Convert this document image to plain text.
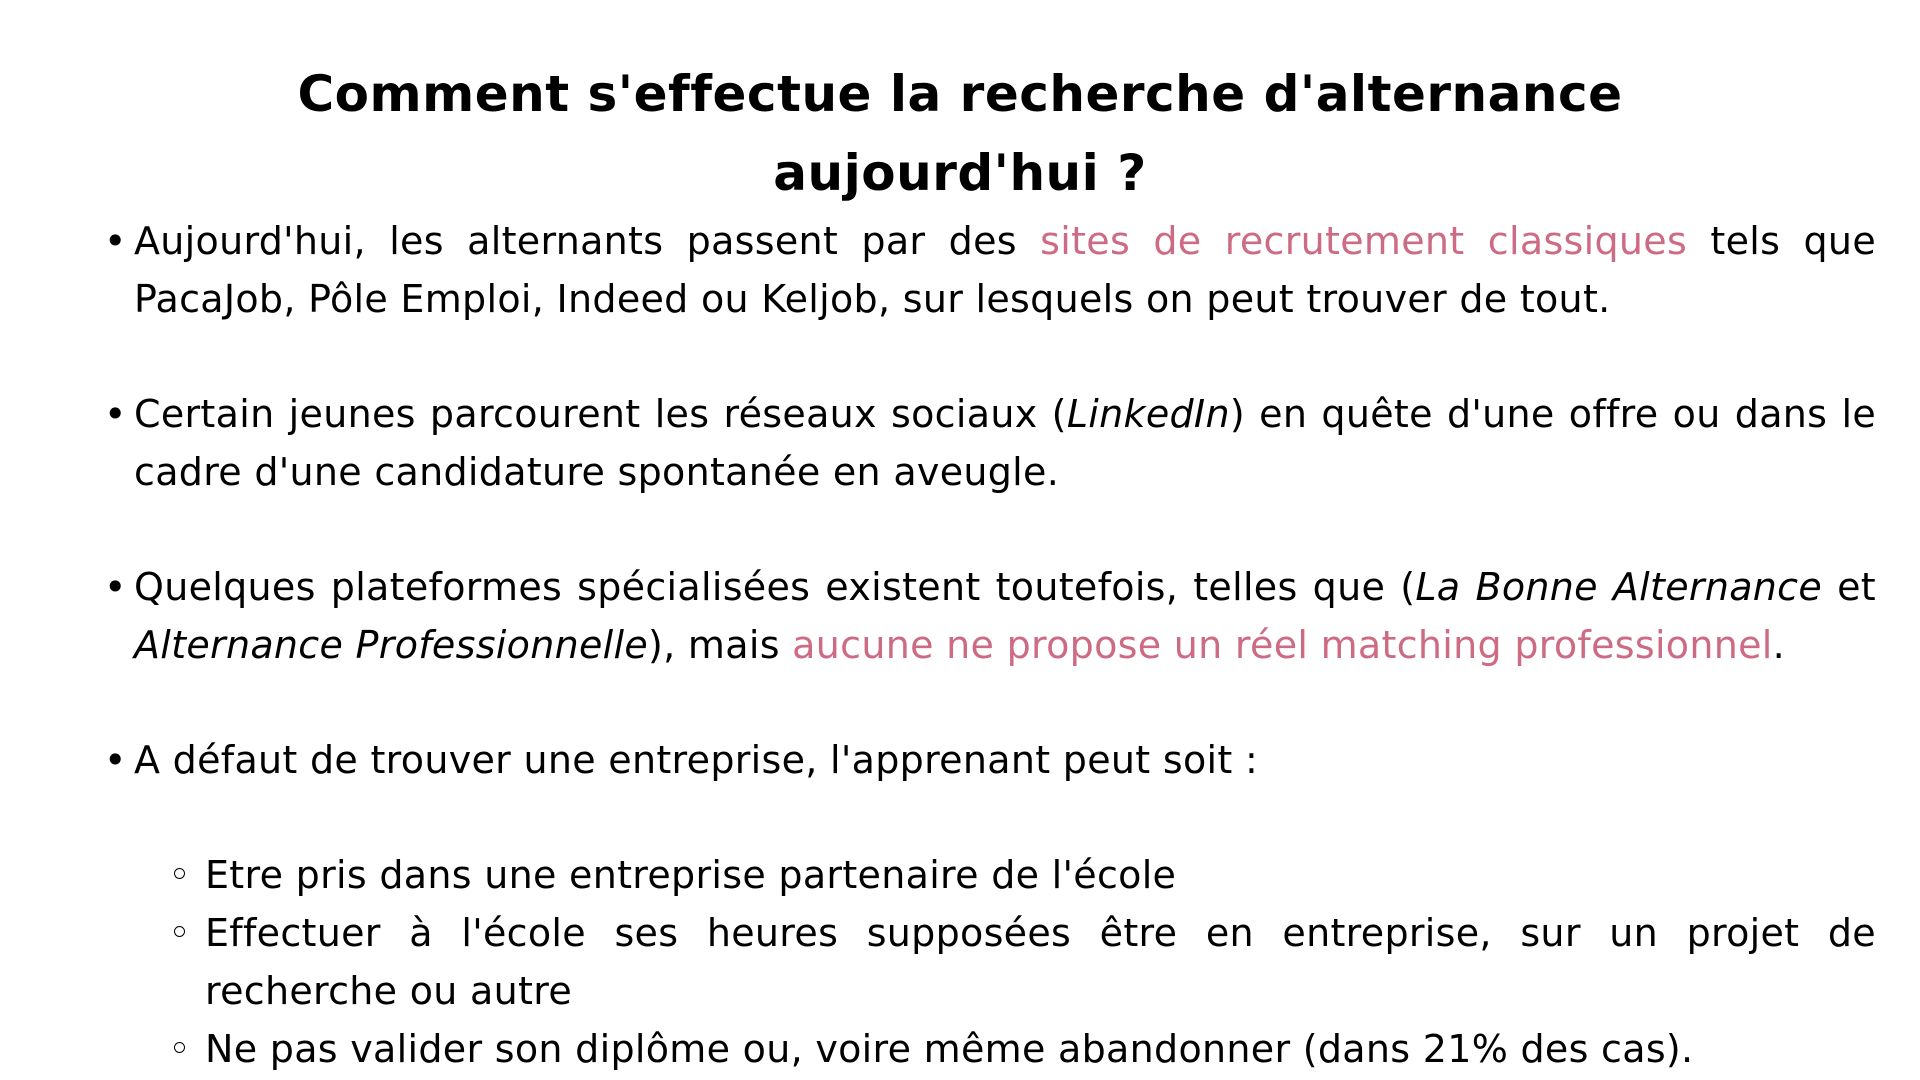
Comment s'effectue la recherche d'alternance
aujourd'hui ?

• Aujourd'hui, les alternants passent par des sites de recrutement classiques tels que PacaJob, Pôle Emploi, Indeed ou Keljob, sur lesquels on peut trouver de tout.

• Certain jeunes parcourent les réseaux sociaux (LinkedIn) en quête d'une offre ou dans le cadre d'une candidature spontanée en aveugle.

• Quelques plateformes spécialisées existent toutefois, telles que (La Bonne Alternance et Alternance Professionnelle), mais aucune ne propose un réel matching professionnel.

• A défaut de trouver une entreprise, l'apprenant peut soit :

Etre pris dans une entreprise partenaire de l'école

Effectuer à l'école ses heures supposées être en entreprise, sur un projet de recherche ou autre

Ne pas valider son diplôme ou, voire même abandonner (dans 21% des cas).
